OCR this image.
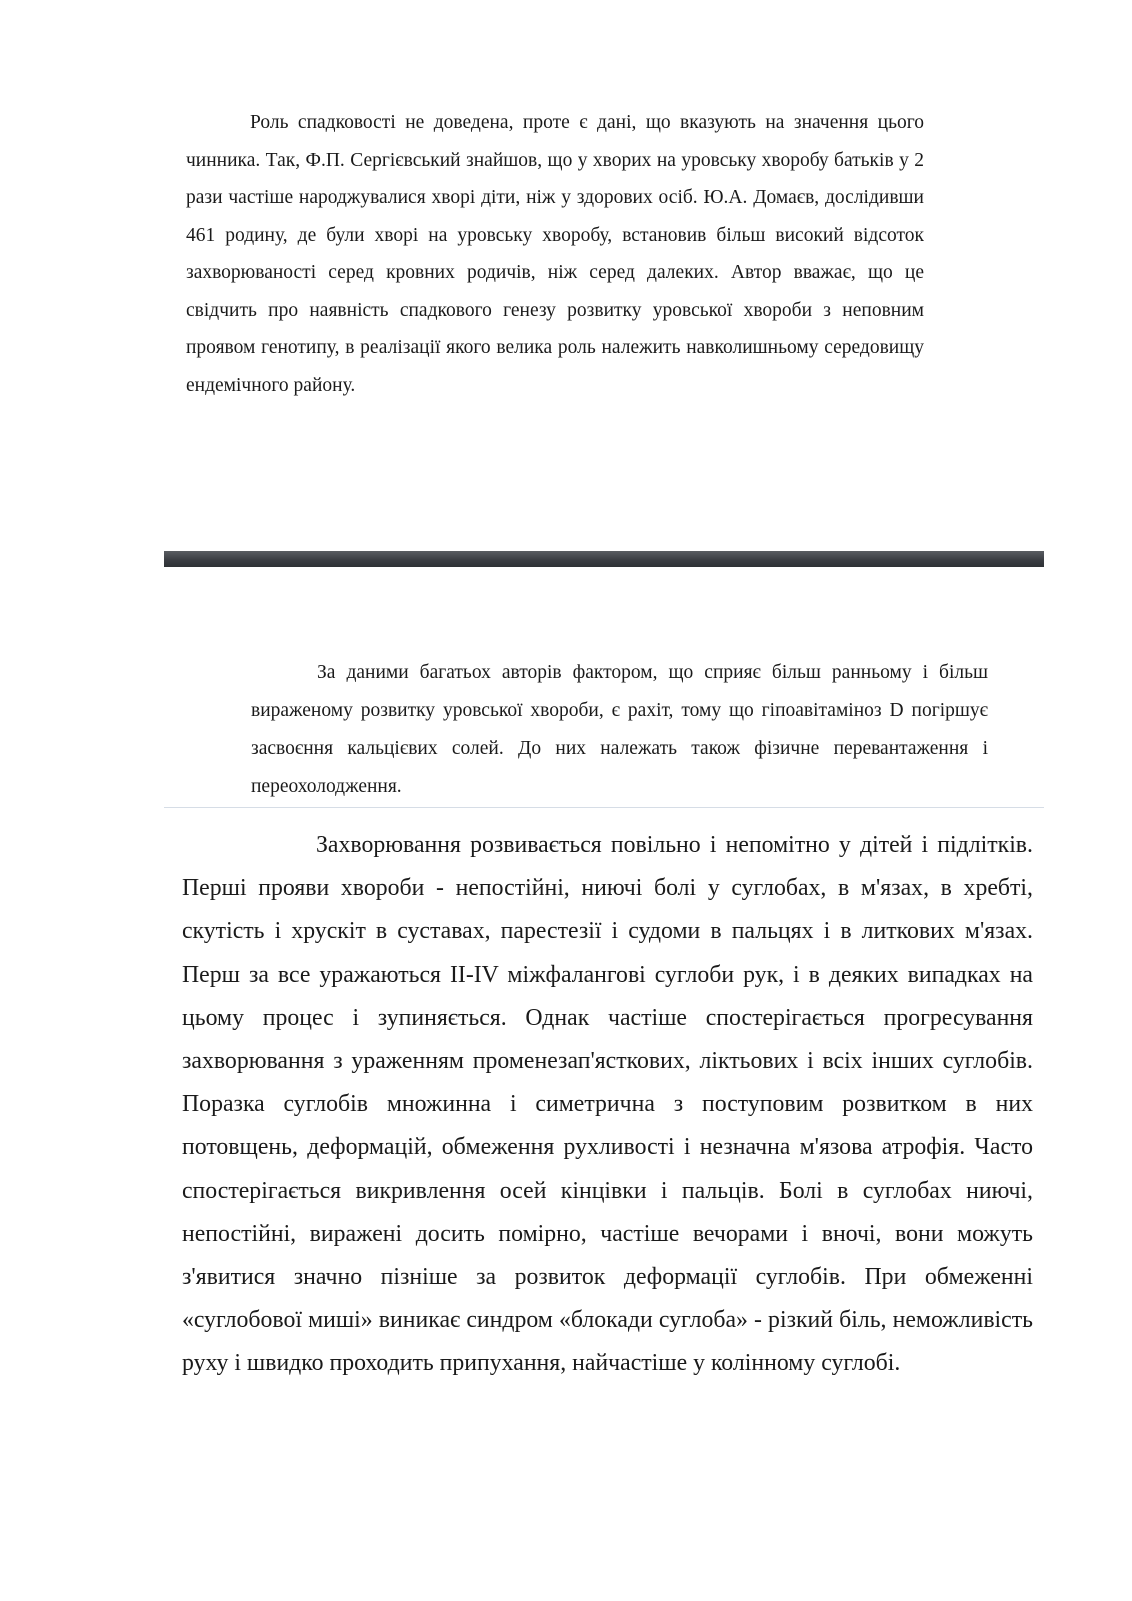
Роль спадковості не доведена, проте є дані, що вказують на значення цього чинника. Так, Ф.П. Сергієвський знайшов, що у хворих на уровську хворобу батьків у 2 рази частіше народжувалися хворі діти, ніж у здорових осіб. Ю.А. Домаєв, дослідивши 461 родину, де були хворі на уровську хворобу, встановив більш високий відсоток захворюваності серед кровних родичів, ніж серед далеких. Автор вважає, що це свідчить про наявність спадкового генезу розвитку уровської хвороби з неповним проявом генотипу, в реалізації якого велика роль належить навколишньому середовищу ендемічного району.

За даними багатьох авторів фактором, що сприяє більш ранньому і більш вираженому розвитку уровської хвороби, є рахіт, тому що гіпоавітаміноз D погіршує засвоєння кальцієвих солей. До них належать також фізичне перевантаження і переохолодження.

Захворювання розвивається повільно і непомітно у дітей і підлітків. Перші прояви хвороби - непостійні, ниючі болі у суглобах, в м'язах, в хребті, скутість і хрускіт в суставах, парестезії і судоми в пальцях і в литкових м'язах. Перш за все уражаються II-IV міжфалангові суглоби рук, і в деяких випадках на цьому процес і зупиняється. Однак частіше спостерігається прогресування захворювання з ураженням променезап'ясткових, ліктьових і всіх інших суглобів. Поразка суглобів множинна і симетрична з поступовим розвитком в них потовщень, деформацій, обмеження рухливості і незначна м'язова атрофія. Часто спостерігається викривлення осей кінцівки і пальців. Болі в суглобах ниючі, непостійні, виражені досить помірно, частіше вечорами і вночі, вони можуть з'явитися значно пізніше за розвиток деформації суглобів. При обмеженні «суглобової миші» виникає синдром «блокади суглоба» - різкий біль, неможливість руху і швидко проходить припухання, найчастіше у колінному суглобі.
